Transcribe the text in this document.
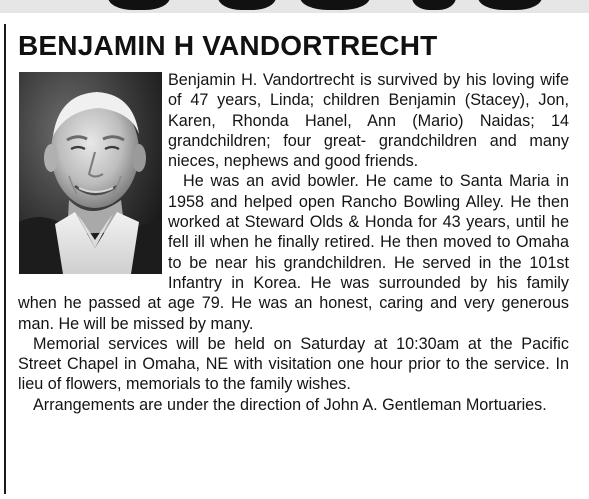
BENJAMIN H VANDORTRECHT

Benjamin H. Vandortrecht is survived by his loving wife of 47 years, Linda; children Benjamin (Stacey), Jon, Karen, Rhonda Hanel, Ann (Mario) Naidas; 14 grandchildren; four great- grandchildren and many nieces, nephews and good friends.

He was an avid bowler. He came to Santa Maria in 1958 and helped open Rancho Bowling Alley. He then worked at Steward Olds & Honda for 43 years, until he fell ill when he finally retired. He then moved to Omaha to be near his grandchildren. He served in the 101st Infantry in Korea. He was surrounded by his family when he passed at age 79. He was an honest, caring and very generous man. He will be missed by many.

Memorial services will be held on Saturday at 10:30am at the Pacific Street Chapel in Omaha, NE with visitation one hour prior to the service. In lieu of flowers, memorials to the family wishes.

Arrangements are under the direction of John A. Gentleman Mortuaries.
